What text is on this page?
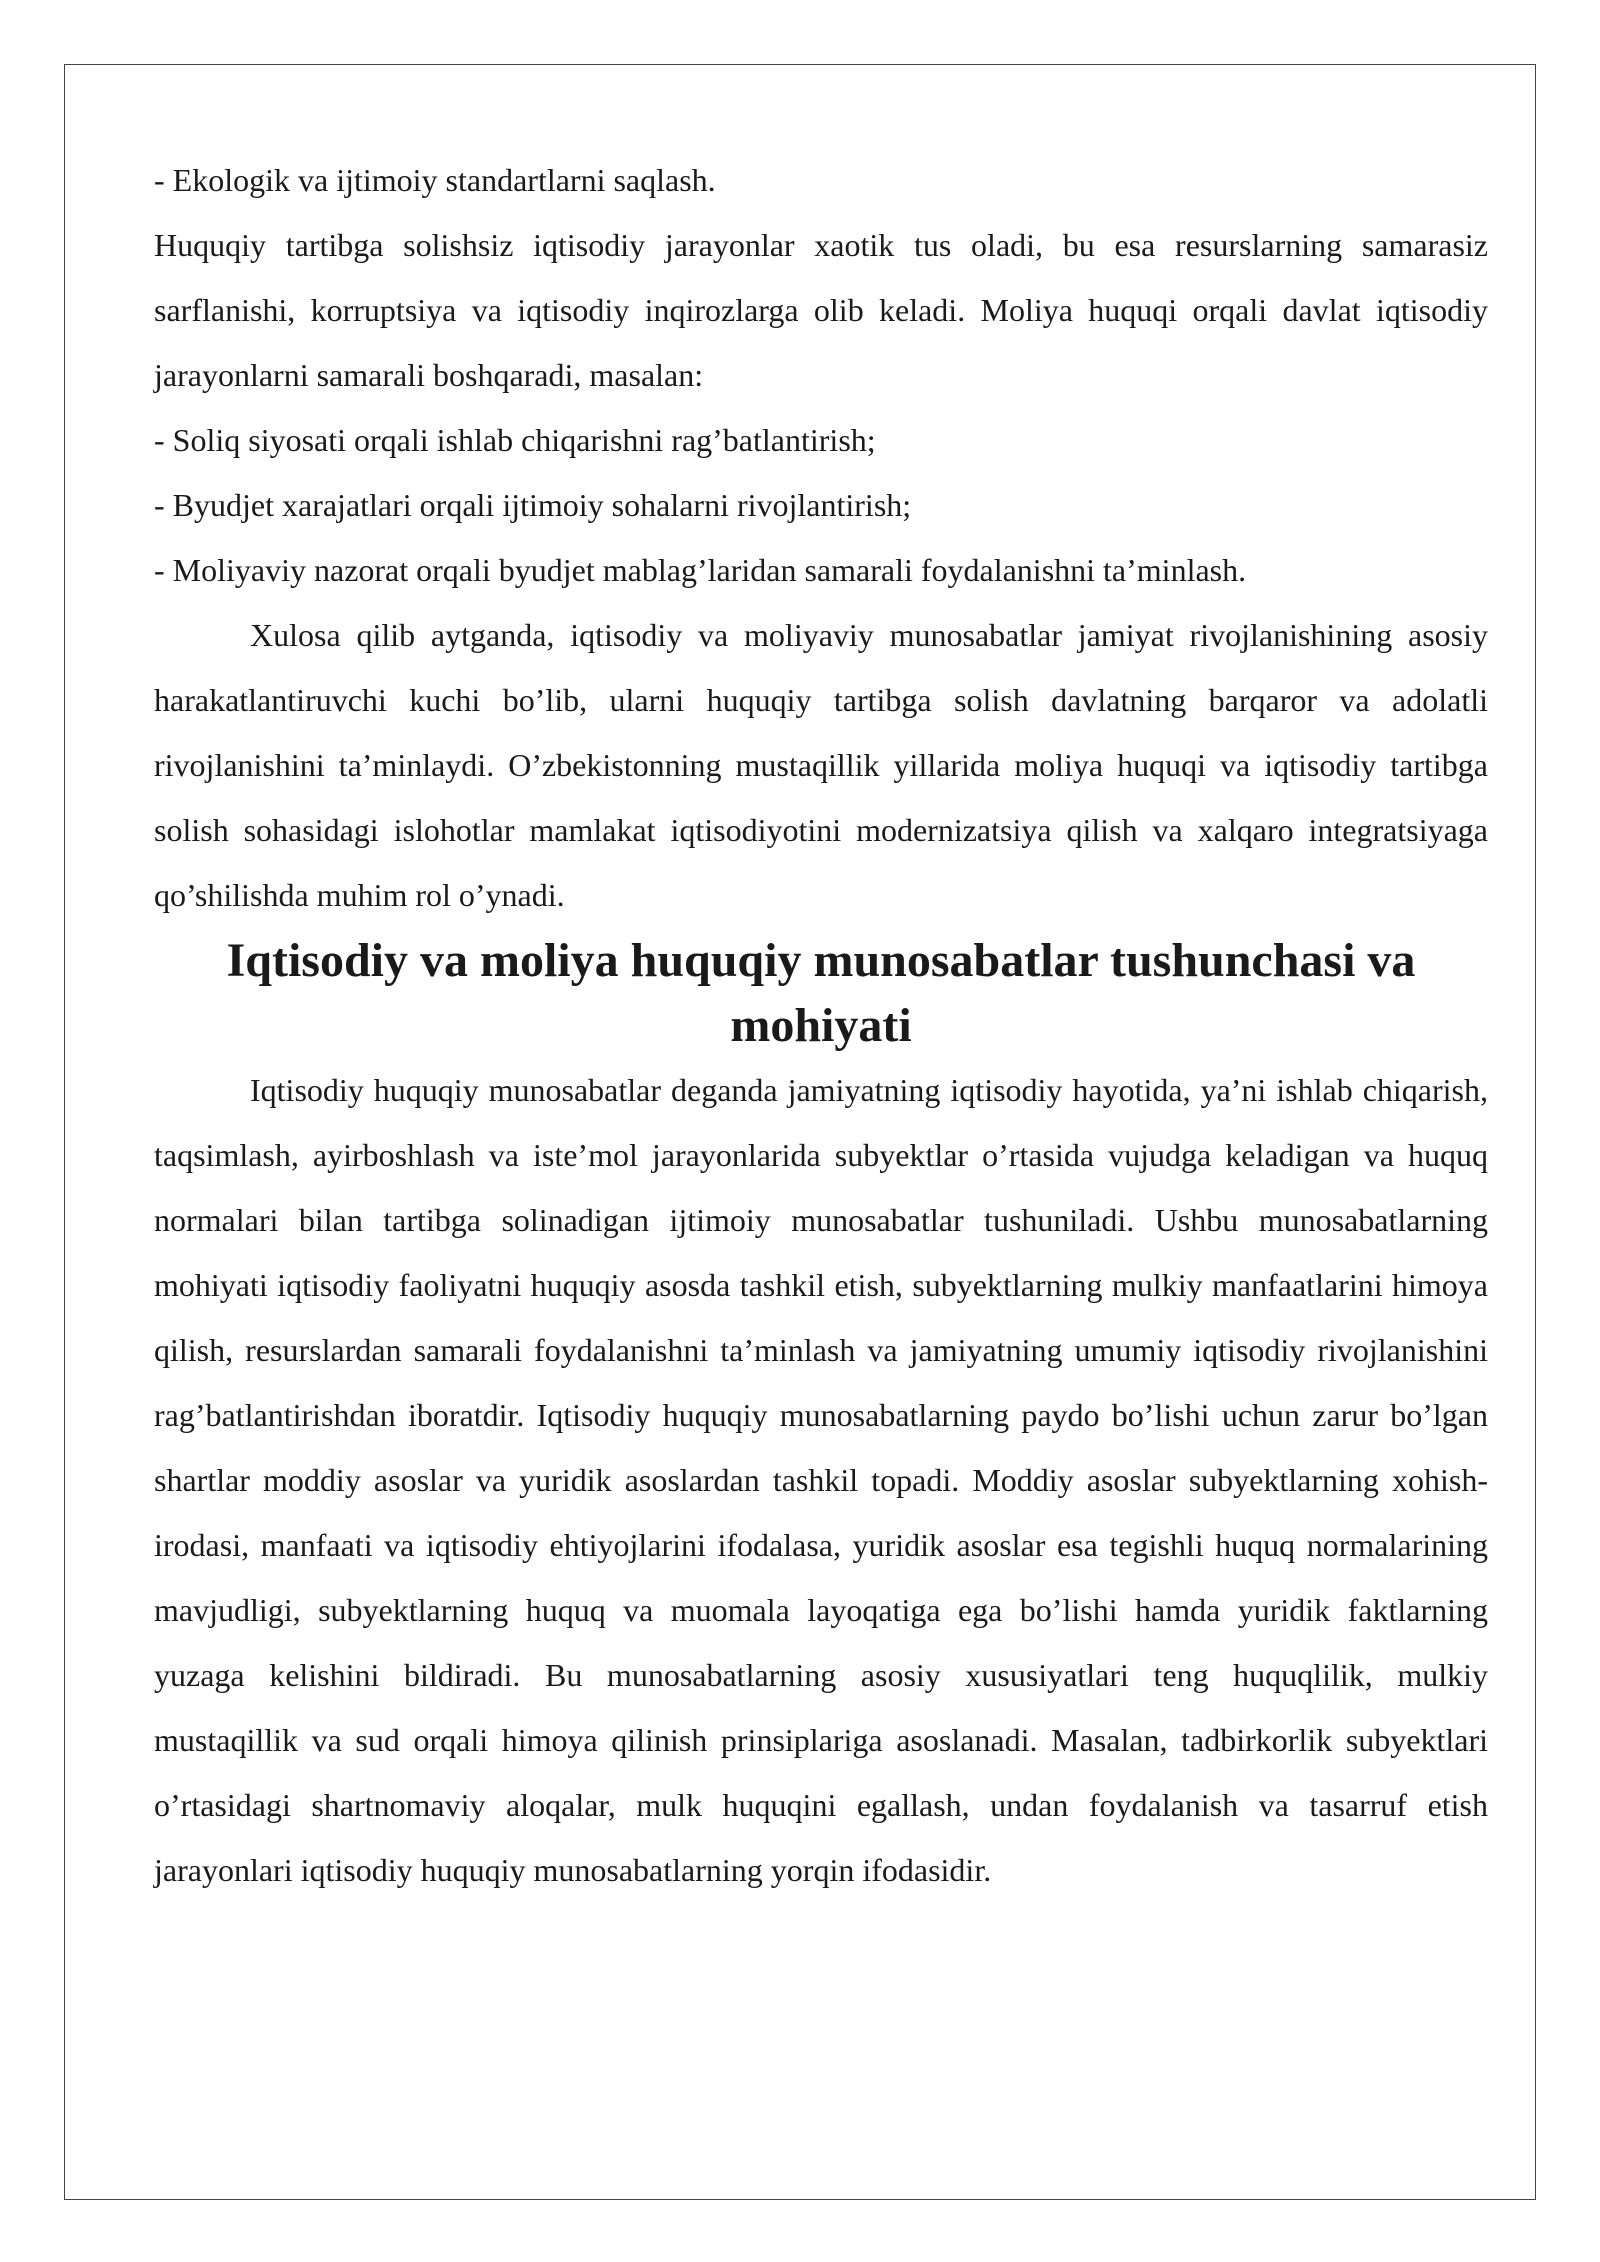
- Ekologik va ijtimoiy standartlarni saqlash.

Huquqiy tartibga solishsiz iqtisodiy jarayonlar xaotik tus oladi, bu esa resurslarning samarasiz sarflanishi, korruptsiya va iqtisodiy inqirozlarga olib keladi. Moliya huquqi orqali davlat iqtisodiy jarayonlarni samarali boshqaradi, masalan:

- Soliq siyosati orqali ishlab chiqarishni rag’batlantirish;

- Byudjet xarajatlari orqali ijtimoiy sohalarni rivojlantirish;

- Moliyaviy nazorat orqali byudjet mablag’laridan samarali foydalanishni ta’minlash.

Xulosa qilib aytganda, iqtisodiy va moliyaviy munosabatlar jamiyat rivojlanishining asosiy harakatlantiruvchi kuchi bo’lib, ularni huquqiy tartibga solish davlatning barqaror va adolatli rivojlanishini ta’minlaydi. O’zbekistonning mustaqillik yillarida moliya huquqi va iqtisodiy tartibga solish sohasidagi islohotlar mamlakat iqtisodiyotini modernizatsiya qilish va xalqaro integratsiyaga qo’shilishda muhim rol o’ynadi.

Iqtisodiy va moliya huquqiy munosabatlar tushunchasi va mohiyati

Iqtisodiy huquqiy munosabatlar deganda jamiyatning iqtisodiy hayotida, ya’ni ishlab chiqarish, taqsimlash, ayirboshlash va iste’mol jarayonlarida subyektlar o’rtasida vujudga keladigan va huquq normalari bilan tartibga solinadigan ijtimoiy munosabatlar tushuniladi. Ushbu munosabatlarning mohiyati iqtisodiy faoliyatni huquqiy asosda tashkil etish, subyektlarning mulkiy manfaatlarini himoya qilish, resurslardan samarali foydalanishni ta’minlash va jamiyatning umumiy iqtisodiy rivojlanishini rag’batlantirishdan iboratdir. Iqtisodiy huquqiy munosabatlarning paydo bo’lishi uchun zarur bo’lgan shartlar moddiy asoslar va yuridik asoslardan tashkil topadi. Moddiy asoslar subyektlarning xohish-irodasi, manfaati va iqtisodiy ehtiyojlarini ifodalasa, yuridik asoslar esa tegishli huquq normalarining mavjudligi, subyektlarning huquq va muomala layoqatiga ega bo’lishi hamda yuridik faktlarning yuzaga kelishini bildiradi. Bu munosabatlarning asosiy xususiyatlari teng huquqlilik, mulkiy mustaqillik va sud orqali himoya qilinish prinsiplariga asoslanadi. Masalan, tadbirkorlik subyektlari o’rtasidagi shartnomaviy aloqalar, mulk huquqini egallash, undan foydalanish va tasarruf etish jarayonlari iqtisodiy huquqiy munosabatlarning yorqin ifodasidir.
